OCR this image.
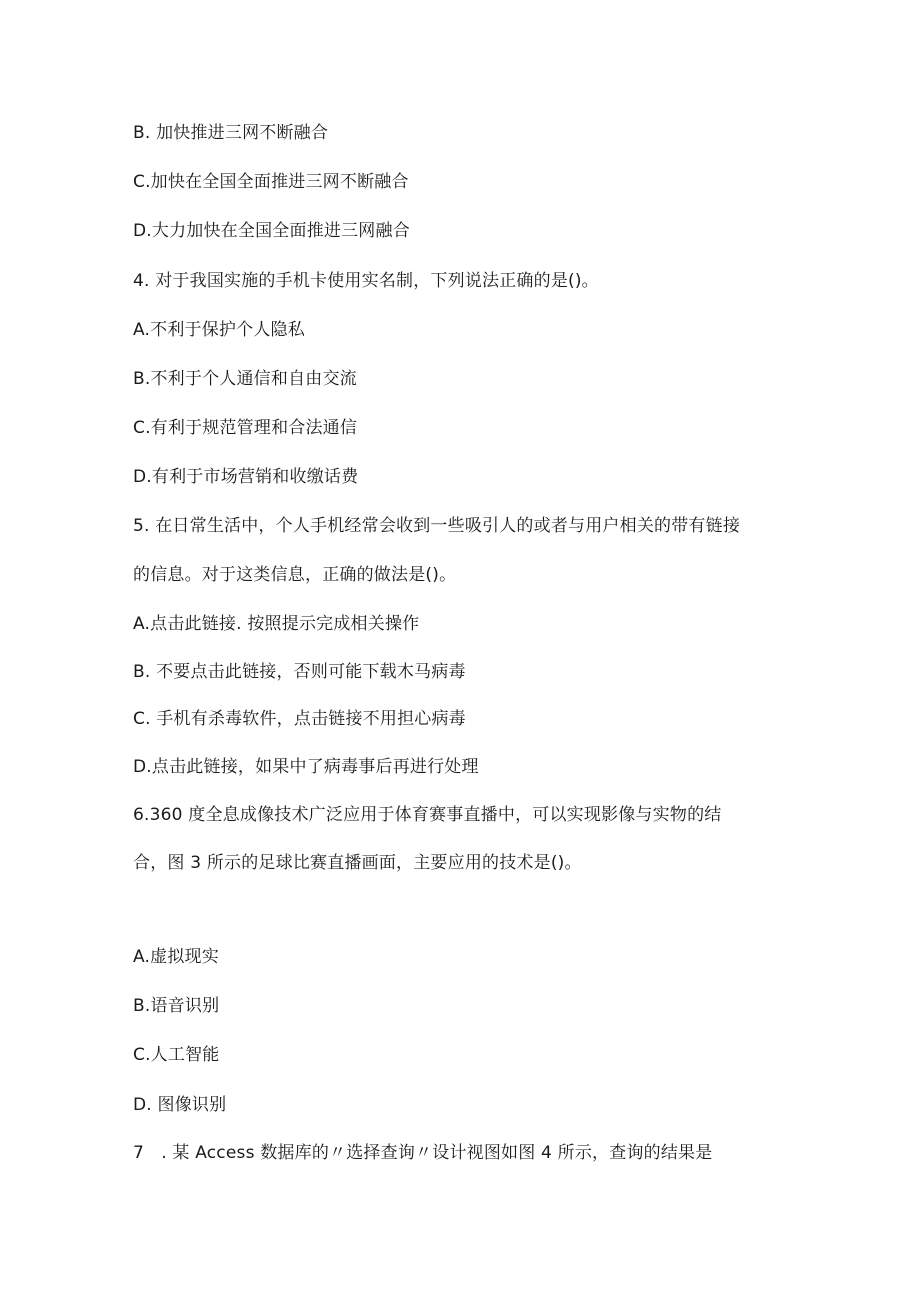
B. 加快推进三网不断融合
C.加快在全国全面推进三网不断融合
D.大力加快在全国全面推进三网融合
4. 对于我国实施的手机卡使用实名制，下列说法正确的是()。
A.不利于保护个人隐私
B.不利于个人通信和自由交流
C.有利于规范管理和合法通信
D.有利于市场营销和收缴话费
5. 在日常生活中，个人手机经常会收到一些吸引人的或者与用户相关的带有链接
的信息。对于这类信息，正确的做法是()。
A.点击此链接. 按照提示完成相关操作
B. 不要点击此链接，否则可能下载木马病毒
C. 手机有杀毒软件，点击链接不用担心病毒
D.点击此链接，如果中了病毒事后再进行处理
6.360 度全息成像技术广泛应用于体育赛事直播中，可以实现影像与实物的结
合，图 3 所示的足球比赛直播画面，主要应用的技术是()。
A.虚拟现实
B.语音识别
C.人工智能
D. 图像识别
7　. 某 Access 数据库的〃选择查询〃设计视图如图 4 所示，查询的结果是
